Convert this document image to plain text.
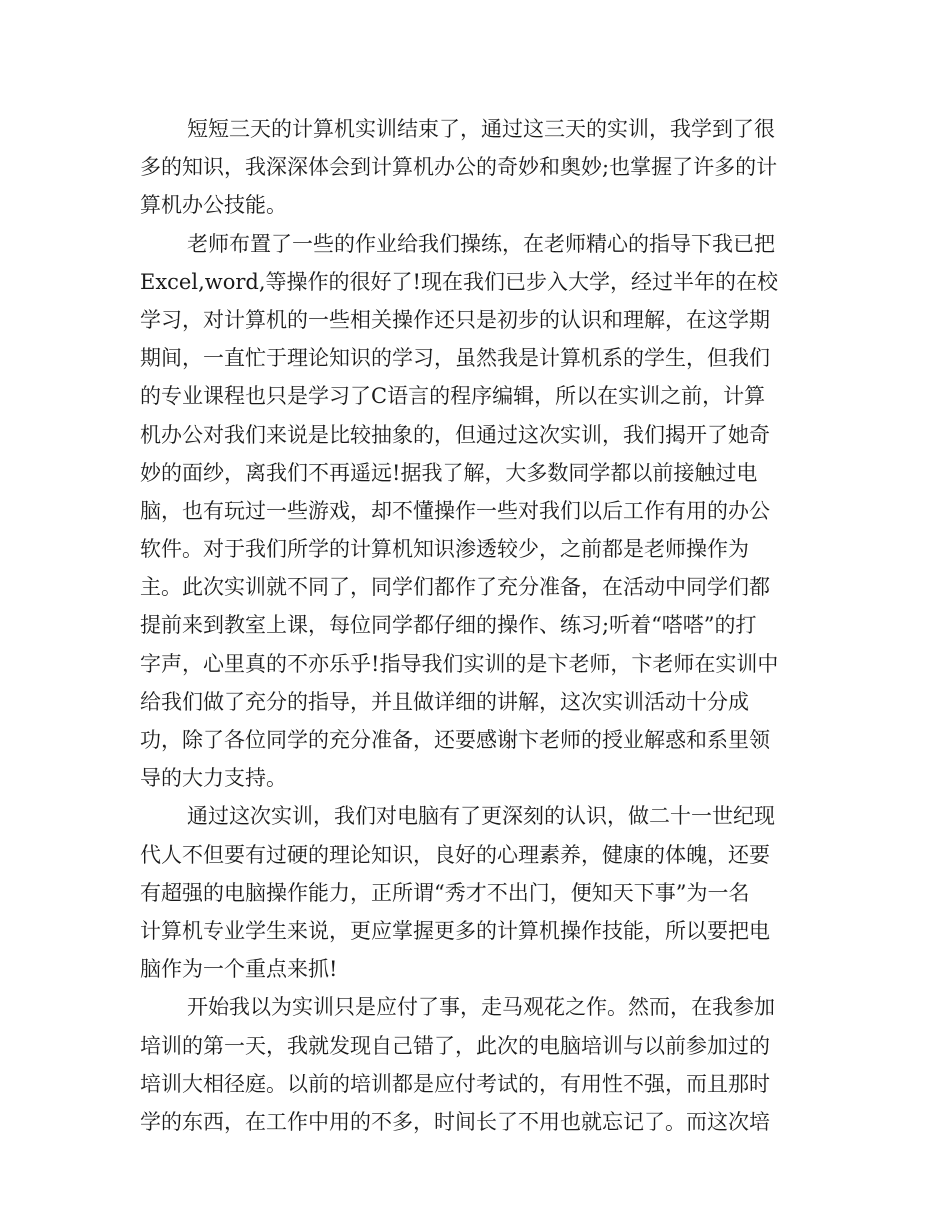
短短三天的计算机实训结束了，通过这三天的实训，我学到了很
多的知识，我深深体会到计算机办公的奇妙和奥妙;也掌握了许多的计
算机办公技能。
老师布置了一些的作业给我们操练，在老师精心的指导下我已把
Excel,word,等操作的很好了!现在我们已步入大学，经过半年的在校
学习，对计算机的一些相关操作还只是初步的认识和理解，在这学期
期间，一直忙于理论知识的学习，虽然我是计算机系的学生，但我们
的专业课程也只是学习了C语言的程序编辑，所以在实训之前，计算
机办公对我们来说是比较抽象的，但通过这次实训，我们揭开了她奇
妙的面纱，离我们不再遥远!据我了解，大多数同学都以前接触过电
脑，也有玩过一些游戏，却不懂操作一些对我们以后工作有用的办公
软件。对于我们所学的计算机知识渗透较少，之前都是老师操作为
主。此次实训就不同了，同学们都作了充分准备，在活动中同学们都
提前来到教室上课，每位同学都仔细的操作、练习;听着“嗒嗒”的打
字声，心里真的不亦乐乎!指导我们实训的是卞老师，卞老师在实训中
给我们做了充分的指导，并且做详细的讲解，这次实训活动十分成
功，除了各位同学的充分准备，还要感谢卞老师的授业解惑和系里领
导的大力支持。
通过这次实训，我们对电脑有了更深刻的认识，做二十一世纪现
代人不但要有过硬的理论知识，良好的心理素养，健康的体魄，还要
有超强的电脑操作能力，正所谓“秀才不出门，便知天下事”为一名
计算机专业学生来说，更应掌握更多的计算机操作技能，所以要把电
脑作为一个重点来抓!
开始我以为实训只是应付了事，走马观花之作。然而，在我参加
培训的第一天，我就发现自己错了，此次的电脑培训与以前参加过的
培训大相径庭。以前的培训都是应付考试的，有用性不强，而且那时
学的东西，在工作中用的不多，时间长了不用也就忘记了。而这次培
